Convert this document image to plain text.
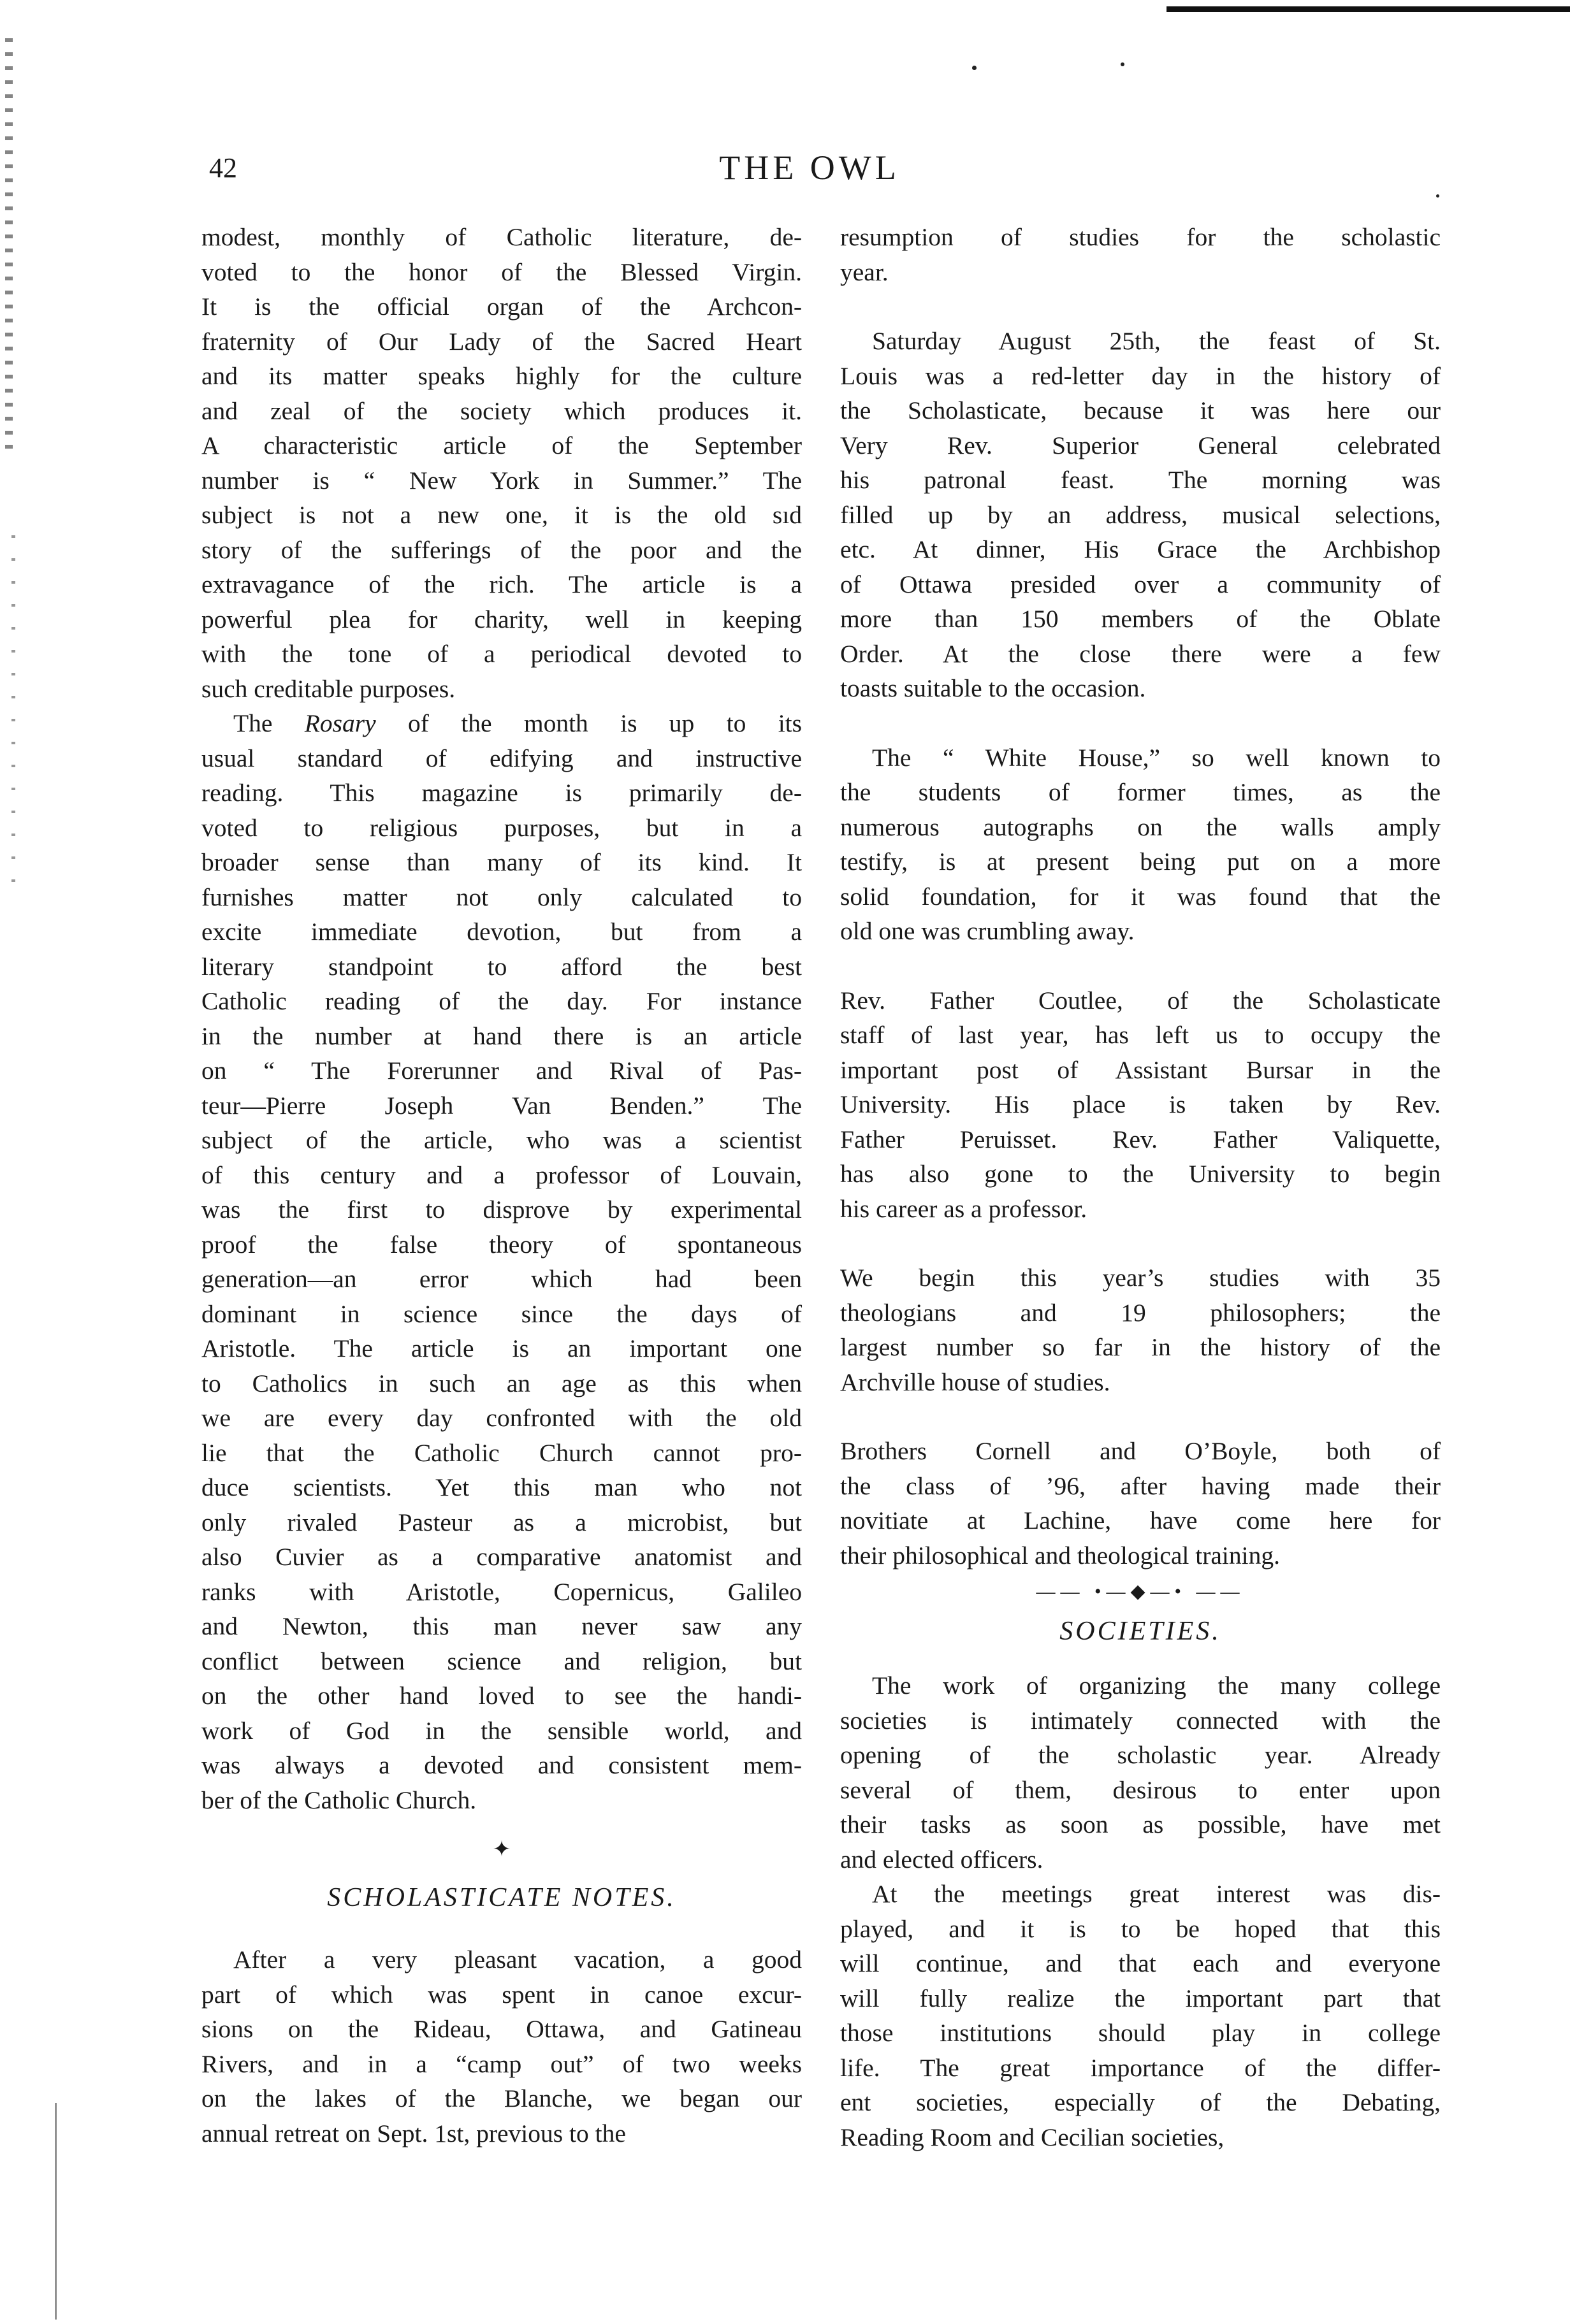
42	THE OWL
modest, monthly of Catholic literature, de-
voted to the honor of the Blessed Virgin.
It is the official organ of the Archcon-
fraternity of Our Lady of the Sacred Heart
and its matter speaks highly for the culture
and zeal of the society which produces it.
A characteristic article of the September
number is “ New York in Summer.” The
subject is not a new one, it is the old sıd
story of the sufferings of the poor and the
extravagance of the rich. The article is a
powerful plea for charity, well in keeping
with the tone of a periodical devoted to
such creditable purposes.
The Rosary of the month is up to its
usual standard of edifying and instructive
reading. This magazine is primarily de-
voted to religious purposes, but in a
broader sense than many of its kind. It
furnishes matter not only calculated to
excite immediate devotion, but from a
literary standpoint to afford the best
Catholic reading of the day. For instance
in the number at hand there is an article
on “ The Forerunner and Rival of Pas-
teur—Pierre Joseph Van Benden.” The
subject of the article, who was a scientist
of this century and a professor of Louvain,
was the first to disprove by experimental
proof the false theory of spontaneous
generation—an error which had been
dominant in science since the days of
Aristotle. The article is an important one
to Catholics in such an age as this when
we are every day confronted with the old
lie that the Catholic Church cannot pro-
duce scientists. Yet this man who not
only rivaled Pasteur as a microbist, but
also Cuvier as a comparative anatomist and
ranks with Aristotle, Copernicus, Galileo
and Newton, this man never saw any
conflict between science and religion, but
on the other hand loved to see the handi-
work of God in the sensible world, and
was always a devoted and consistent mem-
ber of the Catholic Church.
✦
SCHOLASTICATE NOTES.
After a very pleasant vacation, a good
part of which was spent in canoe excur-
sions on the Rideau, Ottawa, and Gatineau
Rivers, and in a “camp out” of two weeks
on the lakes of the Blanche, we began our
annual retreat on Sept. 1st, previous to the
resumption of studies for the scholastic
year.
Saturday August 25th, the feast of St.
Louis was a red-letter day in the history of
the Scholasticate, because it was here our
Very Rev. Superior General celebrated
his patronal feast. The morning was
filled up by an address, musical selections,
etc. At dinner, His Grace the Archbishop
of Ottawa presided over a community of
more than 150 members of the Oblate
Order. At the close there were a few
toasts suitable to the occasion.
The “ White House,” so well known to
the students of former times, as the
numerous autographs on the walls amply
testify, is at present being put on a more
solid foundation, for it was found that the
old one was crumbling away.
Rev. Father Coutlee, of the Scholasticate
staff of last year, has left us to occupy the
important post of Assistant Bursar in the
University. His place is taken by Rev.
Father Peruisset. Rev. Father Valiquette,
has also gone to the University to begin
his career as a professor.
We begin this year’s studies with 35
theologians and 19 philosophers; the
largest number so far in the history of the
Archville house of studies.
Brothers Cornell and O’Boyle, both of
the class of ’96, after having made their
novitiate at Lachine, have come here for
their philosophical and theological training.
—— •—◆—• ——
SOCIETIES.
The work of organizing the many college
societies is intimately connected with the
opening of the scholastic year. Already
several of them, desirous to enter upon
their tasks as soon as possible, have met
and elected officers.
At the meetings great interest was dis-
played, and it is to be hoped that this
will continue, and that each and everyone
will fully realize the important part that
those institutions should play in college
life. The great importance of the differ-
ent societies, especially of the Debating,
Reading Room and Cecilian societies,
